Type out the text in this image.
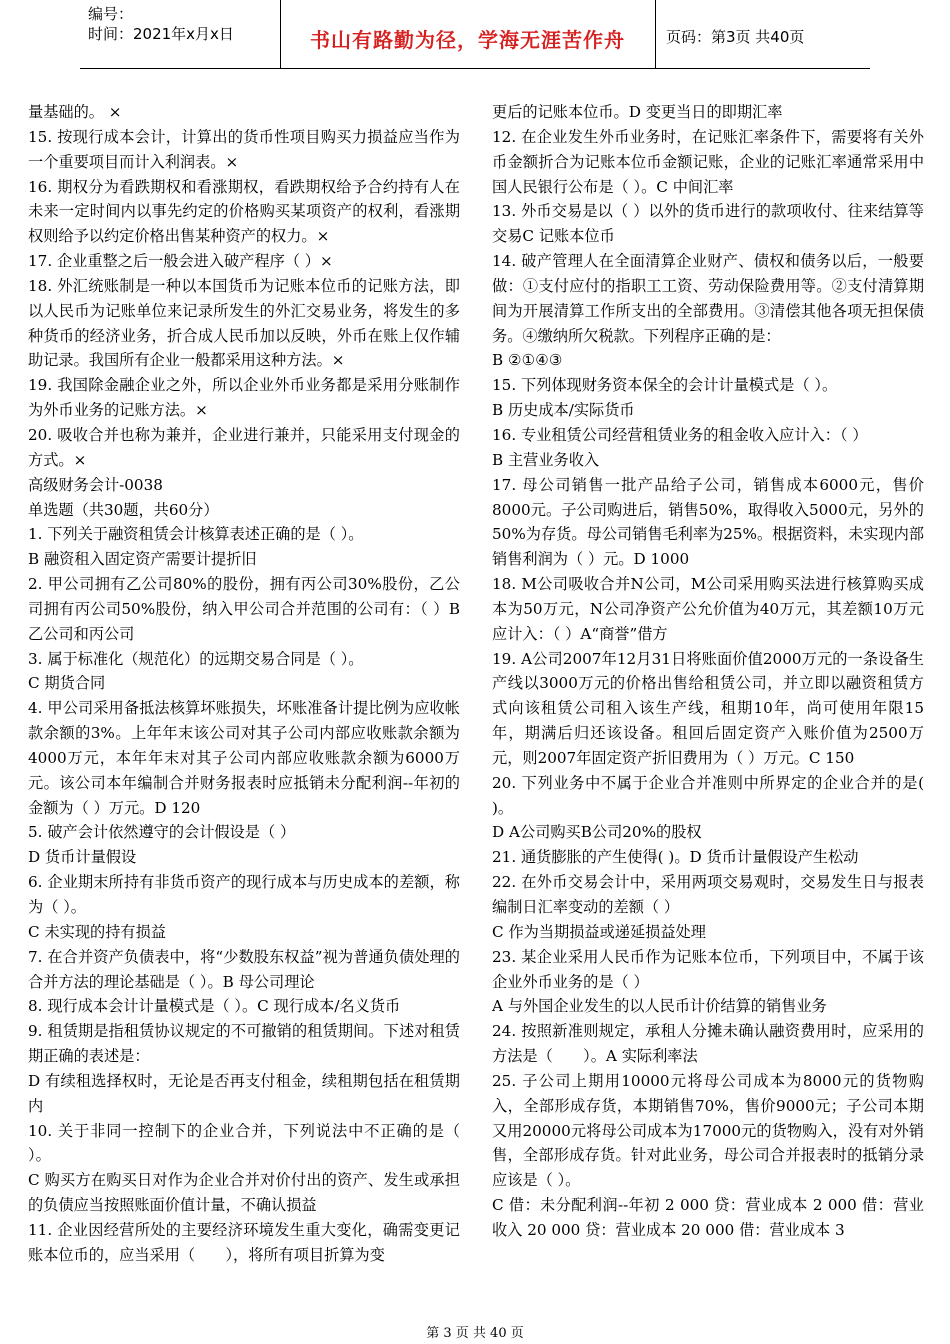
编号：
时间：2021年x月x日	书山有路勤为径，学海无涯苦作舟	页码：第3页 共40页

量基础的。 ×

15. 按现行成本会计，计算出的货币性项目购买力损益应当作为一个重要项目而计入利润表。×

16. 期权分为看跌期权和看涨期权，看跌期权给予合约持有人在未来一定时间内以事先约定的价格购买某项资产的权利，看涨期权则给予以约定价格出售某种资产的权力。×

17. 企业重整之后一般会进入破产程序（ ）×

18. 外汇统账制是一种以本国货币为记账本位币的记账方法，即以人民币为记账单位来记录所发生的外汇交易业务，将发生的多种货币的经济业务，折合成人民币加以反映，外币在账上仅作辅助记录。我国所有企业一般都采用这种方法。×

19. 我国除金融企业之外，所以企业外币业务都是采用分账制作为外币业务的记账方法。×

20. 吸收合并也称为兼并，企业进行兼并，只能采用支付现金的方式。×

高级财务会计-0038

单选题（共30题，共60分）

1. 下列关于融资租赁会计核算表述正确的是（ ）。

B 融资租入固定资产需要计提折旧

2. 甲公司拥有乙公司80%的股份，拥有丙公司30%股份，乙公司拥有丙公司50%股份，纳入甲公司合并范围的公司有：（ ）B 乙公司和丙公司

3. 属于标准化（规范化）的远期交易合同是（ ）。

C 期货合同

4. 甲公司采用备抵法核算坏账损失，坏账准备计提比例为应收帐款余额的3%。上年年末该公司对其子公司内部应收账款余额为4000万元，本年年末对其子公司内部应收账款余额为6000万元。该公司本年编制合并财务报表时应抵销未分配利润--年初的金额为（ ）万元。D 120

5. 破产会计依然遵守的会计假设是（ ）

D 货币计量假设

6. 企业期末所持有非货币资产的现行成本与历史成本的差额，称为（ ）。

C 未实现的持有损益

7. 在合并资产负债表中，将“少数股东权益”视为普通负债处理的合并方法的理论基础是（ ）。B 母公司理论

8. 现行成本会计计量模式是（ ）。C 现行成本/名义货币

9. 租赁期是指租赁协议规定的不可撤销的租赁期间。下述对租赁期正确的表述是：

D 有续租选择权时，无论是否再支付租金，续租期包括在租赁期内

10. 关于非同一控制下的企业合并，下列说法中不正确的是（ ）。

C 购买方在购买日对作为企业合并对价付出的资产、发生或承担的负债应当按照账面价值计量，不确认损益

11. 企业因经营所处的主要经济环境发生重大变化，确需变更记账本位币的，应当采用（　　），将所有项目折算为变

更后的记账本位币。D 变更当日的即期汇率

12. 在企业发生外币业务时，在记账汇率条件下，需要将有关外币金额折合为记账本位币金额记账，企业的记账汇率通常采用中国人民银行公布是（ ）。C 中间汇率

13. 外币交易是以（ ）以外的货币进行的款项收付、往来结算等交易C 记账本位币

14. 破产管理人在全面清算企业财产、债权和债务以后，一般要做：①支付应付的指职工工资、劳动保险费用等。②支付清算期间为开展清算工作所支出的全部费用。③清偿其他各项无担保债务。④缴纳所欠税款。下列程序正确的是：

B ②①④③

15. 下列体现财务资本保全的会计计量模式是（ ）。

B 历史成本/实际货币

16. 专业租赁公司经营租赁业务的租金收入应计入：（ ）

B 主营业务收入

17. 母公司销售一批产品给子公司，销售成本6000元，售价8000元。子公司购进后，销售50%，取得收入5000元，另外的50%为存货。母公司销售毛利率为25%。根据资料，未实现内部销售利润为（ ）元。D 1000

18. M公司吸收合并N公司，M公司采用购买法进行核算购买成本为50万元，N公司净资产公允价值为40万元，其差额10万元应计入：（ ）A“商誉”借方

19. A公司2007年12月31日将账面价值2000万元的一条设备生产线以3000万元的价格出售给租赁公司，并立即以融资租赁方式向该租赁公司租入该生产线，租期10年，尚可使用年限15年，期满后归还该设备。租回后固定资产入账价值为2500万元，则2007年固定资产折旧费用为（ ）万元。C 150

20. 下列业务中不属于企业合并准则中所界定的企业合并的是( )。

D A公司购买B公司20%的股权

21. 通货膨胀的产生使得( )。D 货币计量假设产生松动

22. 在外币交易会计中，采用两项交易观时，交易发生日与报表编制日汇率变动的差额（ ）

C 作为当期损益或递延损益处理

23. 某企业采用人民币作为记账本位币，下列项目中，不属于该企业外币业务的是（ ）

A 与外国企业发生的以人民币计价结算的销售业务

24. 按照新准则规定，承租人分摊未确认融资费用时，应采用的方法是（　　）。A 实际利率法

25. 子公司上期用10000元将母公司成本为8000元的货物购入，全部形成存货，本期销售70%，售价9000元；子公司本期又用20000元将母公司成本为17000元的货物购入，没有对外销售，全部形成存货。针对此业务，母公司合并报表时的抵销分录应该是（ ）。

C 借：未分配利润--年初 2 000 贷：营业成本 2 000 借：营业收入 20 000 贷：营业成本 20 000 借：营业成本 3

第 3 页 共 40 页
